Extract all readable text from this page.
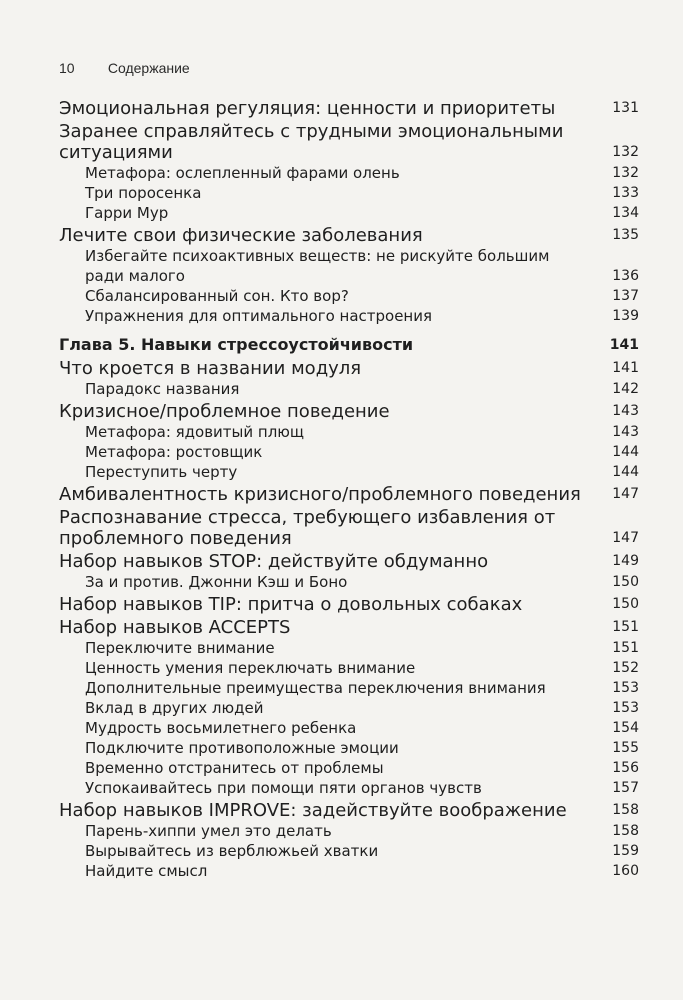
10 Содержание
Эмоциональная регуляция: ценности и приоритеты	131
Заранее справляйтесь с трудными эмоциональными ситуациями	132
Метафора: ослепленный фарами олень	132
Три поросенка	133
Гарри Мур	134
Лечите свои физические заболевания	135
Избегайте психоактивных веществ: не рискуйте большим ради малого	136
Сбалансированный сон. Кто вор?	137
Упражнения для оптимального настроения	139
Глава 5. Навыки стрессоустойчивости	141
Что кроется в названии модуля	141
Парадокс названия	142
Кризисное/проблемное поведение	143
Метафора: ядовитый плющ	143
Метафора: ростовщик	144
Переступить черту	144
Амбивалентность кризисного/проблемного поведения	147
Распознавание стресса, требующего избавления от проблемного поведения	147
Набор навыков STOP: действуйте обдуманно	149
За и против. Джонни Кэш и Боно	150
Набор навыков TIP: притча о довольных собаках	150
Набор навыков ACCEPTS	151
Переключите внимание	151
Ценность умения переключать внимание	152
Дополнительные преимущества переключения внимания	153
Вклад в других людей	153
Мудрость восьмилетнего ребенка	154
Подключите противоположные эмоции	155
Временно отстранитесь от проблемы	156
Успокаивайтесь при помощи пяти органов чувств	157
Набор навыков IMPROVE: задействуйте воображение	158
Парень-хиппи умел это делать	158
Вырывайтесь из верблюжьей хватки	159
Найдите смысл	160
